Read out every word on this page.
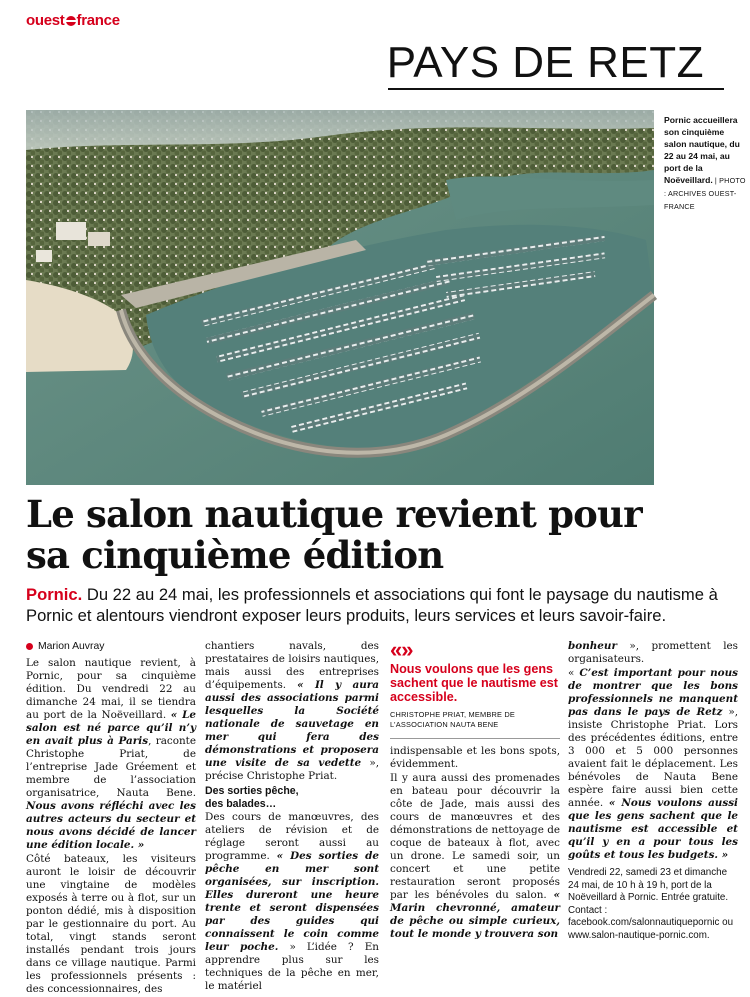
ouest france
PAYS DE RETZ
Pornic accueillera son cinquième salon nautique, du 22 au 24 mai, au port de la Noëveillard. | PHOTO : ARCHIVES OUEST-FRANCE
Le salon nautique revient pour
sa cinquième édition
Pornic. Du 22 au 24 mai, les professionnels et associations qui font le paysage du nautisme à Pornic et alentours viendront exposer leurs produits, leurs services et leurs savoir-faire.
Marion Auvray

Le salon nautique revient, à Pornic, pour sa cinquième édition. Du vendredi 22 au dimanche 24 mai, il se tiendra au port de la Noëveillard. « Le salon est né parce qu’il n’y en avait plus à Paris, raconte Christophe Priat, de l’entreprise Jade Gréement et membre de l’association organisatrice, Nauta Bene. Nous avons réfléchi avec les autres acteurs du secteur et nous avons décidé de lancer une édition locale. »

Côté bateaux, les visiteurs auront le loisir de découvrir une vingtaine de modèles exposés à terre ou à flot, sur un ponton dédié, mis à disposition par le gestionnaire du port. Au total, vingt stands seront installés pendant trois jours dans ce village nautique. Parmi les professionnels présents : des concessionnaires, des

chantiers navals, des prestataires de loisirs nautiques, mais aussi des entreprises d’équipements. « Il y aura aussi des associations parmi lesquelles la Société nationale de sauvetage en mer qui fera des démonstrations et proposera une visite de sa vedette », précise Christophe Priat.

Des sorties pêche,
des balades…

Des cours de manœuvres, des ateliers de révision et de réglage seront aussi au programme. « Des sorties de pêche en mer sont organisées, sur inscription. Elles dureront une heure trente et seront dispensées par des guides qui connaissent le coin comme leur poche. » L’idée ? En apprendre plus sur les techniques de la pêche en mer, le matériel

«»
Nous voulons que les gens sachent que le nautisme est accessible.
CHRISTOPHE PRIAT, MEMBRE DE L’ASSOCIATION NAUTA BENE

indispensable et les bons spots, évidemment.

Il y aura aussi des promenades en bateau pour découvrir la côte de Jade, mais aussi des cours de manœuvres et des démonstrations de nettoyage de coque de bateaux à flot, avec un drone. Le samedi soir, un concert et une petite restauration seront proposés par les bénévoles du salon. « Marin chevronné, amateur de pêche ou simple curieux, tout le monde y trouvera son

bonheur », promettent les organisateurs.

« C’est important pour nous de montrer que les bons professionnels ne manquent pas dans le pays de Retz », insiste Christophe Priat. Lors des précédentes éditions, entre 3 000 et 5 000 personnes avaient fait le déplacement. Les bénévoles de Nauta Bene espère faire aussi bien cette année. « Nous voulons aussi que les gens sachent que le nautisme est accessible et qu’il y en a pour tous les goûts et tous les budgets. »

Vendredi 22, samedi 23 et dimanche 24 mai, de 10 h à 19 h, port de la Noëveillard à Pornic. Entrée gratuite. Contact : facebook.com/salonnautiquepornic ou www.salon-nautique-pornic.com.
